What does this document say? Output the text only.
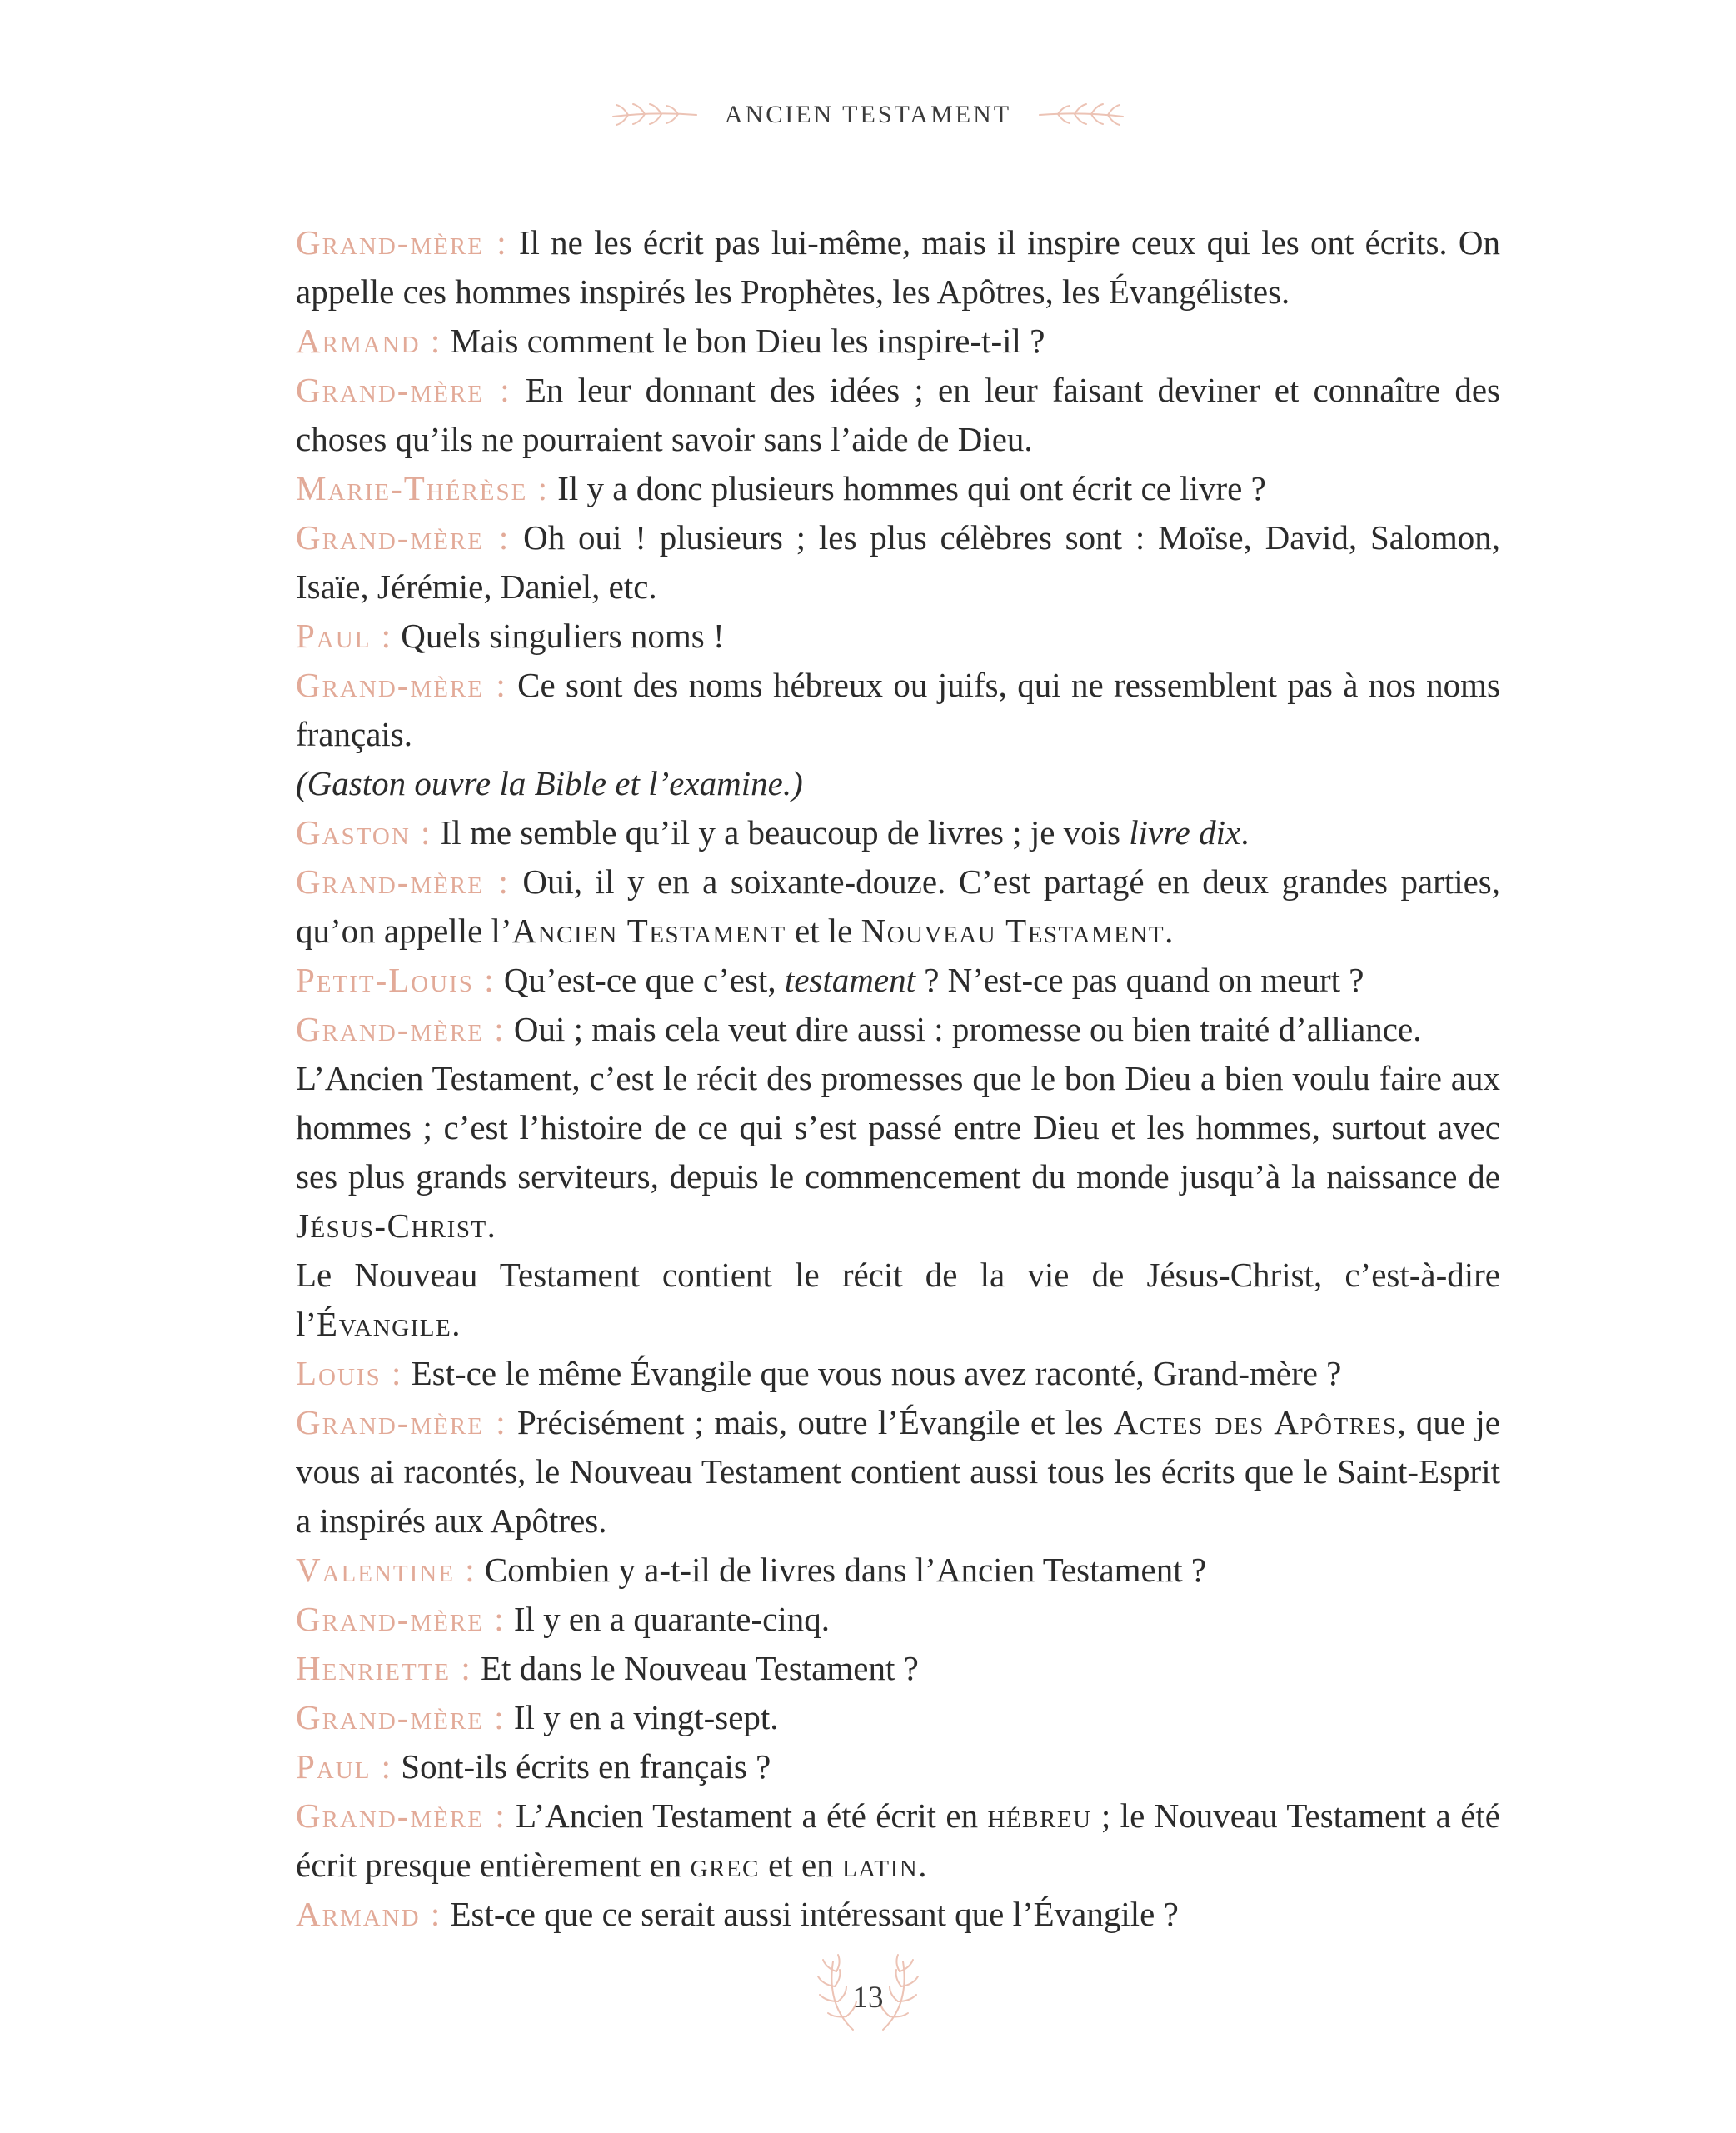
ANCIEN TESTAMENT

Grand-mère : Il ne les écrit pas lui-même, mais il inspire ceux qui les ont écrits. On appelle ces hommes inspirés les Prophètes, les Apôtres, les Évangélistes.

Armand : Mais comment le bon Dieu les inspire-t-il ?

Grand-mère : En leur donnant des idées ; en leur faisant deviner et connaître des choses qu’ils ne pourraient savoir sans l’aide de Dieu.

Marie-Thérèse : Il y a donc plusieurs hommes qui ont écrit ce livre ?

Grand-mère : Oh oui ! plusieurs ; les plus célèbres sont : Moïse, David, Salomon, Isaïe, Jérémie, Daniel, etc.

Paul : Quels singuliers noms !

Grand-mère : Ce sont des noms hébreux ou juifs, qui ne ressemblent pas à nos noms français.

(Gaston ouvre la Bible et l’examine.)

Gaston : Il me semble qu’il y a beaucoup de livres ; je vois livre dix.

Grand-mère : Oui, il y en a soixante-douze. C’est partagé en deux grandes parties, qu’on appelle l’Ancien Testament et le Nouveau Testament.

Petit-Louis : Qu’est-ce que c’est, testament ? N’est-ce pas quand on meurt ?

Grand-mère : Oui ; mais cela veut dire aussi : promesse ou bien traité d’alliance.

L’Ancien Testament, c’est le récit des promesses que le bon Dieu a bien voulu faire aux hommes ; c’est l’histoire de ce qui s’est passé entre Dieu et les hommes, surtout avec ses plus grands serviteurs, depuis le commencement du monde jusqu’à la naissance de Jésus-Christ.

Le Nouveau Testament contient le récit de la vie de Jésus-Christ, c’est-à-dire l’Évangile.

Louis : Est-ce le même Évangile que vous nous avez raconté, Grand-mère ?

Grand-mère : Précisément ; mais, outre l’Évangile et les Actes des Apôtres, que je vous ai racontés, le Nouveau Testament contient aussi tous les écrits que le Saint-Esprit a inspirés aux Apôtres.

Valentine : Combien y a-t-il de livres dans l’Ancien Testament ?

Grand-mère : Il y en a quarante-cinq.

Henriette : Et dans le Nouveau Testament ?

Grand-mère : Il y en a vingt-sept.

Paul : Sont-ils écrits en français ?

Grand-mère : L’Ancien Testament a été écrit en hébreu ; le Nouveau Testament a été écrit presque entièrement en grec et en latin.

Armand : Est-ce que ce serait aussi intéressant que l’Évangile ?

13
